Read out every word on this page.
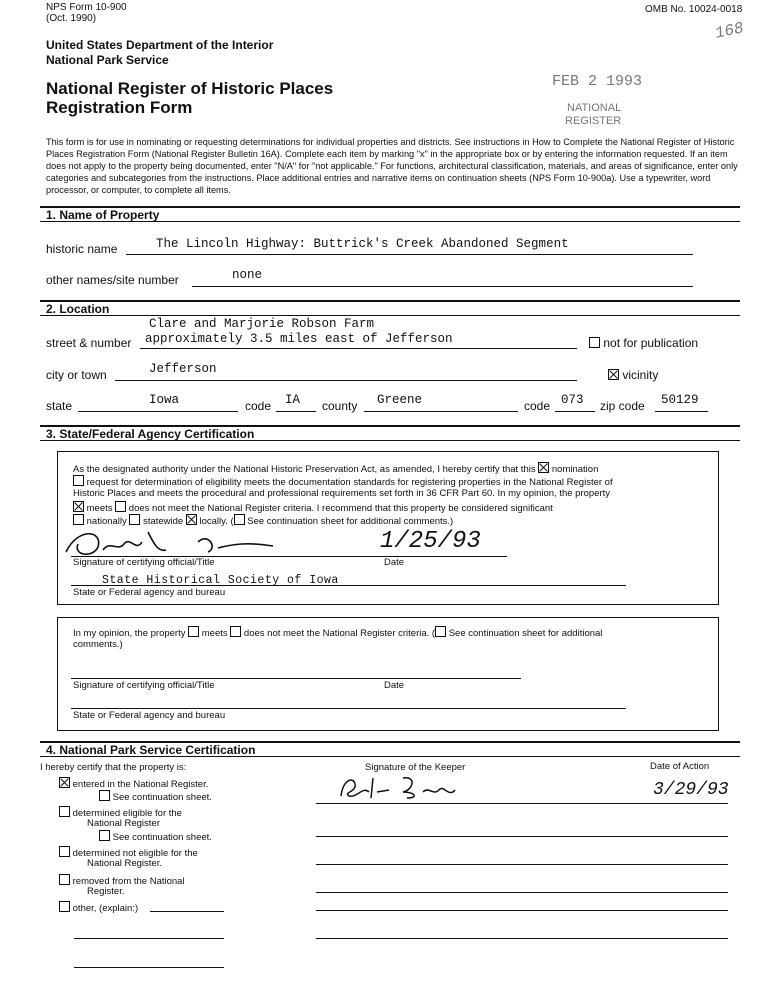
NPS Form 10-900
(Oct. 1990)
OMB No. 10024-0018
168
United States Department of the Interior
National Park Service
National Register of Historic Places
Registration Form
FEB 2 1993
NATIONAL
REGISTER
This form is for use in nominating or requesting determinations for individual properties and districts. See instructions in How to Complete the National Register of Historic Places Registration Form (National Register Bulletin 16A). Complete each item by marking "x" in the appropriate box or by entering the information requested. If an item does not apply to the property being documented, enter "N/A" for "not applicable." For functions, architectural classification, materials, and areas of significance, enter only categories and subcategories from the instructions. Place additional entries and narrative items on continuation sheets (NPS Form 10-900a). Use a typewriter, word processor, or computer, to complete all items.
1. Name of Property
historic name	The Lincoln Highway: Buttrick's Creek Abandoned Segment
other names/site number	none
2. Location
Clare and Marjorie Robson Farm
street & number approximately 3.5 miles east of Jefferson	not for publication
city or town	Jefferson	vicinity
state	Iowa	code IA county Greene	code 073 zip code 50129
3. State/Federal Agency Certification
As the designated authority under the National Historic Preservation Act, as amended, I hereby certify that this nomination
request for determination of eligibility meets the documentation standards for registering properties in the National Register of
Historic Places and meets the procedural and professional requirements set forth in 36 CFR Part 60. In my opinion, the property
meets does not meet the National Register criteria. I recommend that this property be considered significant
nationally statewide locally. ( See continuation sheet for additional comments.)
1/25/93
Signature of certifying official/Title	Date
State Historical Society of Iowa
State or Federal agency and bureau
In my opinion, the property meets does not meet the National Register criteria. ( See continuation sheet for additional
comments.)
Signature of certifying official/Title	Date
State or Federal agency and bureau
4. National Park Service Certification
I hereby certify that the property is:	Signature of the Keeper	Date of Action
entered in the National Register.
See continuation sheet.	3/29/93
determined eligible for the
National Register
See continuation sheet.
determined not eligible for the
National Register.
removed from the National
Register.
other, (explain:)
